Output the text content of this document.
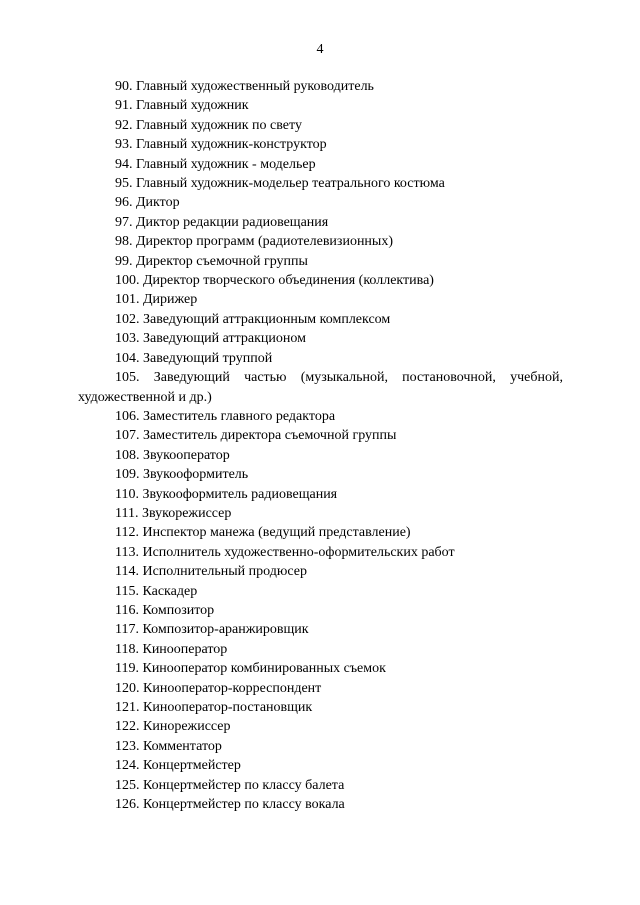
4
90. Главный художественный руководитель
91. Главный художник
92. Главный художник по свету
93. Главный художник-конструктор
94. Главный художник - модельер
95. Главный художник-модельер театрального костюма
96. Диктор
97. Диктор редакции радиовещания
98. Директор программ (радиотелевизионных)
99. Директор съемочной группы
100. Директор творческого объединения (коллектива)
101. Дирижер
102. Заведующий аттракционным комплексом
103. Заведующий аттракционом
104. Заведующий труппой
105. Заведующий частью (музыкальной, постановочной, учебной,
художественной и др.)
106. Заместитель главного редактора
107. Заместитель директора съемочной группы
108. Звукооператор
109. Звукооформитель
110. Звукооформитель радиовещания
111. Звукорежиссер
112. Инспектор манежа (ведущий представление)
113. Исполнитель художественно-оформительских работ
114. Исполнительный продюсер
115. Каскадер
116. Композитор
117. Композитор-аранжировщик
118. Кинооператор
119. Кинооператор комбинированных съемок
120. Кинооператор-корреспондент
121. Кинооператор-постановщик
122. Кинорежиссер
123. Комментатор
124. Концертмейстер
125. Концертмейстер по классу балета
126. Концертмейстер по классу вокала
